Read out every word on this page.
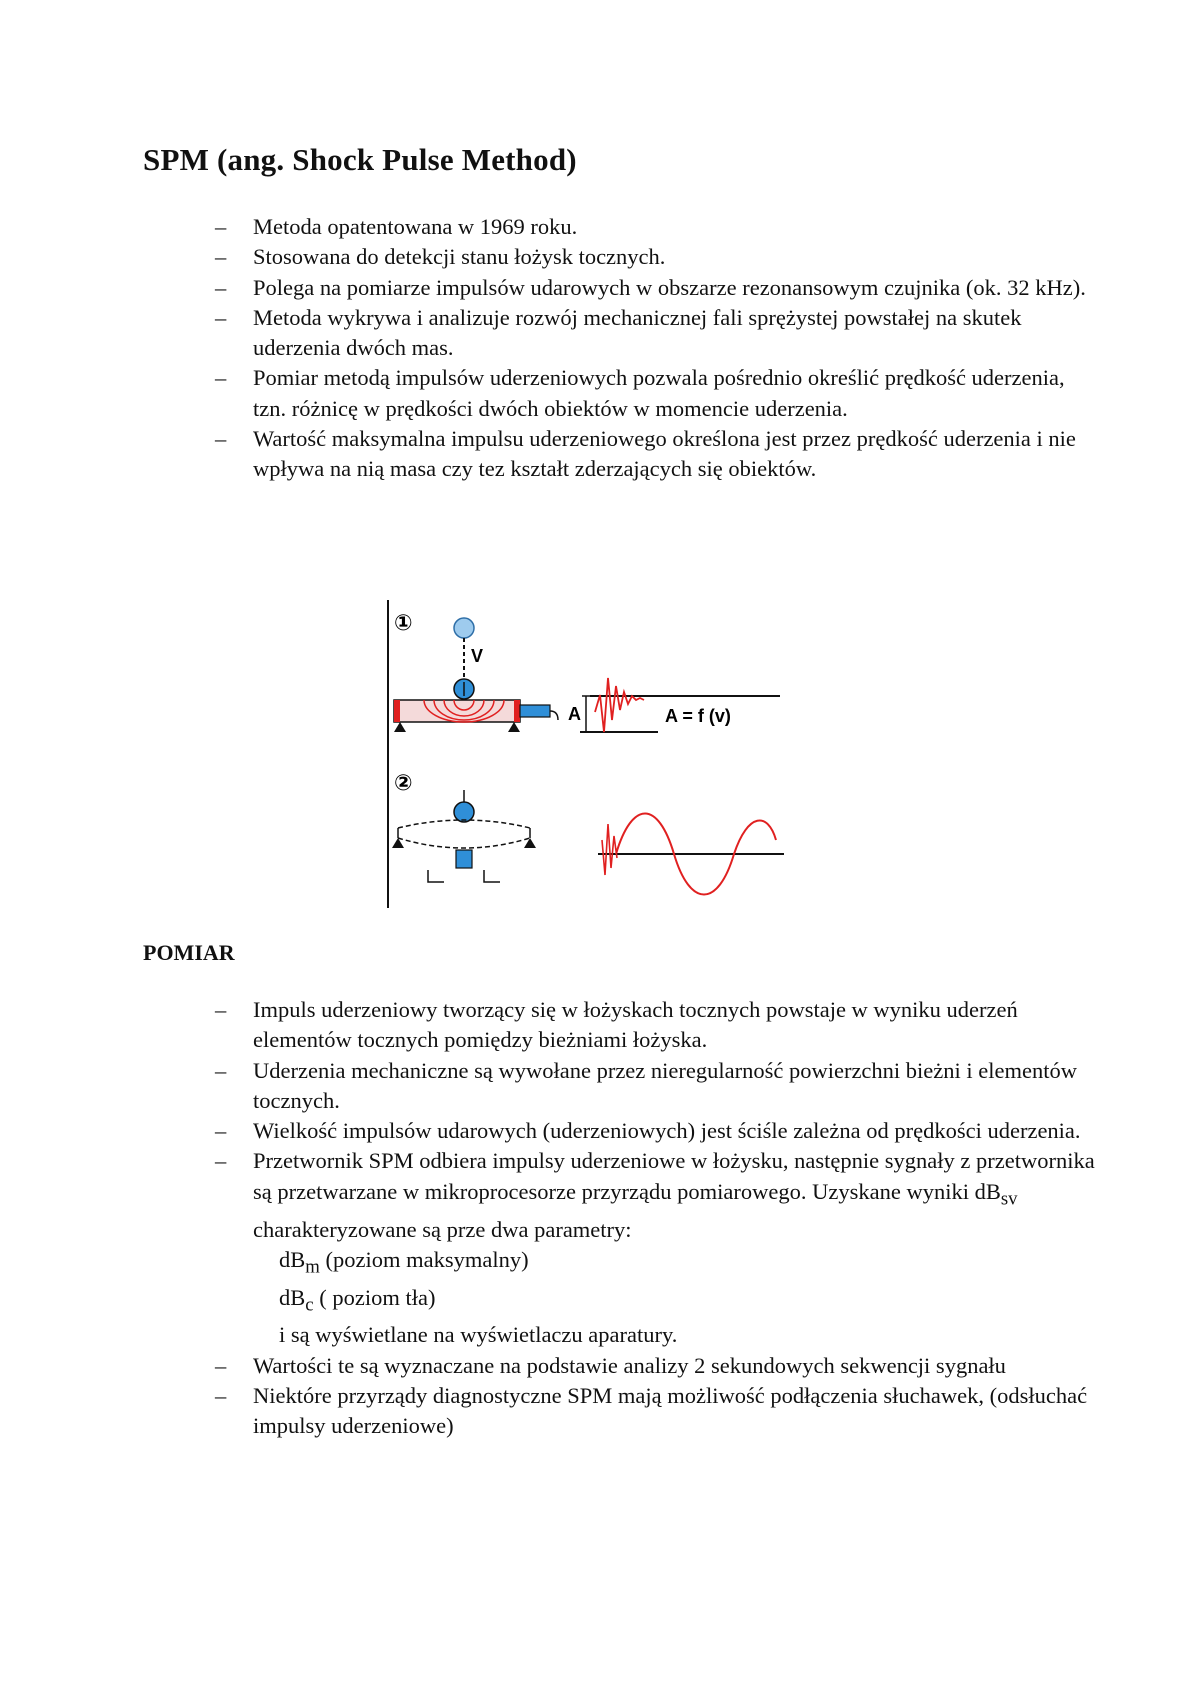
SPM (ang. Shock Pulse Method)
– Metoda opatentowana w 1969 roku.
– Stosowana do detekcji stanu łożysk tocznych.
– Polega na pomiarze impulsów udarowych w obszarze rezonansowym czujnika (ok. 32 kHz).
– Metoda wykrywa i analizuje rozwój mechanicznej fali sprężystej powstałej na skutek uderzenia dwóch mas.
– Pomiar metodą impulsów uderzeniowych pozwala pośrednio określić prędkość uderzenia, tzn. różnicę w prędkości dwóch obiektów w momencie uderzenia.
– Wartość maksymalna impulsu uderzeniowego określona jest przez prędkość uderzenia i nie wpływa na nią masa czy tez kształt zderzających się obiektów.
①
V
A	A = f (v)
②
POMIAR
– Impuls uderzeniowy tworzący się w łożyskach tocznych powstaje w wyniku uderzeń elementów tocznych pomiędzy bieżniami łożyska.
– Uderzenia mechaniczne są wywołane przez nieregularność powierzchni bieżni i elementów tocznych.
– Wielkość impulsów udarowych (uderzeniowych) jest ściśle zależna od prędkości uderzenia.
– Przetwornik SPM odbiera impulsy uderzeniowe w łożysku, następnie sygnały z przetwornika są przetwarzane w mikroprocesorze przyrządu pomiarowego. Uzyskane wyniki $dB_{sv}$ charakteryzowane są prze dwa parametry:
$dB_m$ (poziom maksymalny)
$dB_c$ ( poziom tła)
i są wyświetlane na wyświetlaczu aparatury.
– Wartości te są wyznaczane na podstawie analizy 2 sekundowych sekwencji sygnału
– Niektóre przyrządy diagnostyczne SPM mają możliwość podłączenia słuchawek, (odsłuchać impulsy uderzeniowe)
